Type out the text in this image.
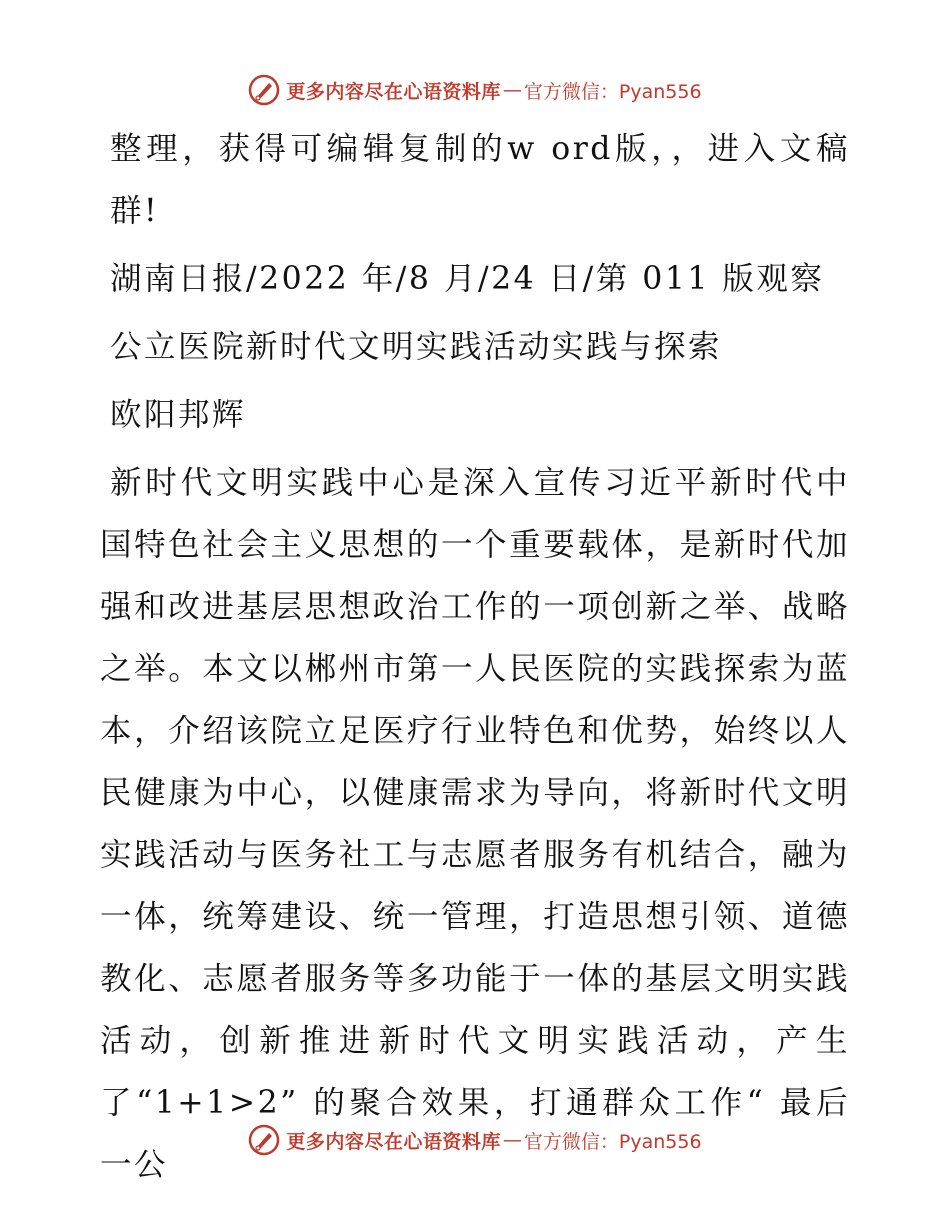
更多内容尽在心语资料库 — 官方微信：Pyan556

整理，获得可编辑复制的w ord版，，进入文稿群!

湖南日报/2022 年/8 月/24 日/第 011 版观察

公立医院新时代文明实践活动实践与探索

欧阳邦辉

新时代文明实践中心是深入宣传习近平新时代中国特色社会主义思想的一个重要载体，是新时代加强和改进基层思想政治工作的一项创新之举、战略之举。本文以郴州市第一人民医院的实践探索为蓝本，介绍该院立足医疗行业特色和优势，始终以人民健康为中心，以健康需求为导向，将新时代文明实践活动与医务社工与志愿者服务有机结合，融为一体，统筹建设、统一管理，打造思想引领、道德教化、志愿者服务等多功能于一体的基层文明实践活动，创新推进新时代文明实践活动，产生了“1+1>2” 的聚合效果，打通群众工作“ 最后一公

更多内容尽在心语资料库 — 官方微信：Pyan556
